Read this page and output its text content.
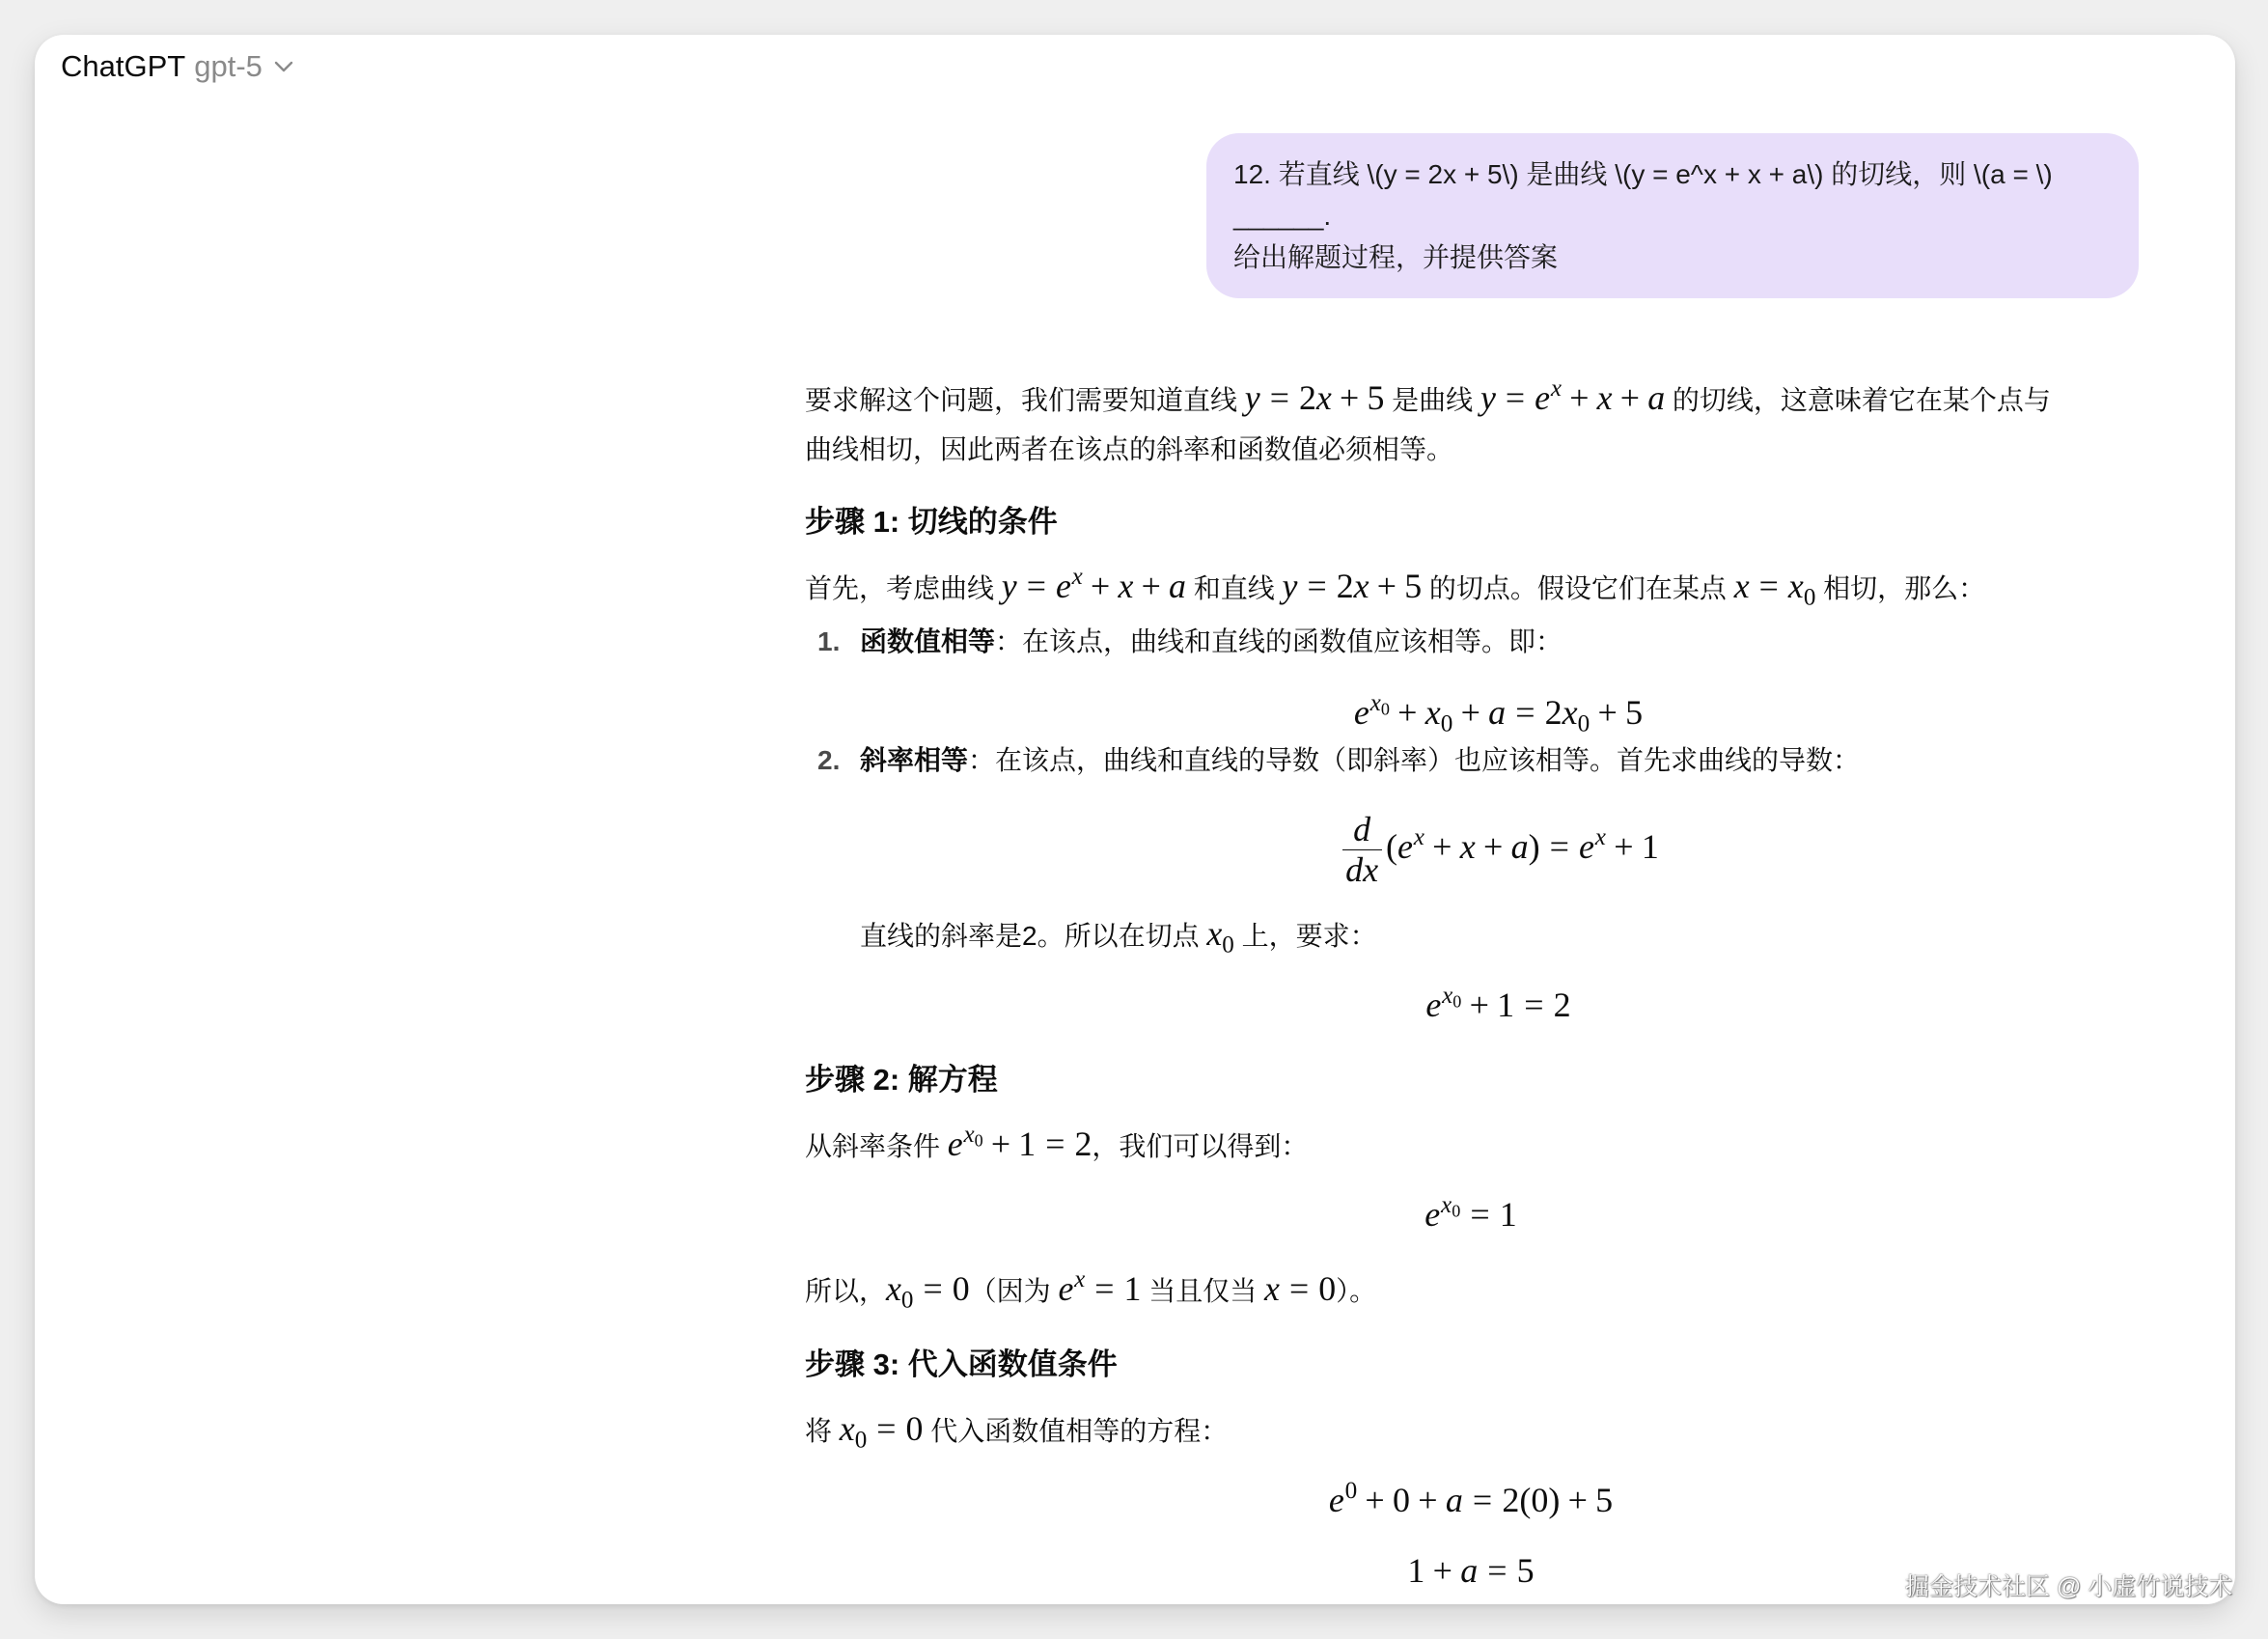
ChatGPT gpt-5
12. 若直线 \(y = 2x + 5\) 是曲线 \(y = e^x + x + a\) 的切线，则 \(a = \)
______.
给出解题过程，并提供答案

要求解这个问题，我们需要知道直线 y = 2x + 5 是曲线 $y = e^x + x + a$ 的切线，这意味着它在某个点与
曲线相切，因此两者在该点的斜率和函数值必须相等。

步骤 1: 切线的条件

首先，考虑曲线 $y = e^x + x + a$ 和直线 y = 2x + 5 的切点。假设它们在某点 $x = x_0$ 相切，那么：

1. 函数值相等：在该点，曲线和直线的函数值应该相等。即：
$e^{x0} + x_0 + a = 2x_0 + 5$
2. 斜率相等：在该点，曲线和直线的导数（即斜率）也应该相等。首先求曲线的导数：
$\frac{d}{dx} (e^x + x + a) = e^x + 1$

直线的斜率是2。所以在切点 $x_0$ 上，要求：

$e^{x0} + 1 = 2$
步骤 2: 解方程

从斜率条件 $e^{x0} + 1 = 2$，我们可以得到：

$e^{x0} = 1$

所以，$x_0 = 0$（因为 $e^x = 1$ 当且仅当 x = 0）。

步骤 3: 代入函数值条件

将 $x_0 = 0$ 代入函数值相等的方程：

$e^0 + 0 + a = 2(0) + 5$
1 + a = 5	掘金技术社区 @ 小虚竹说技术
